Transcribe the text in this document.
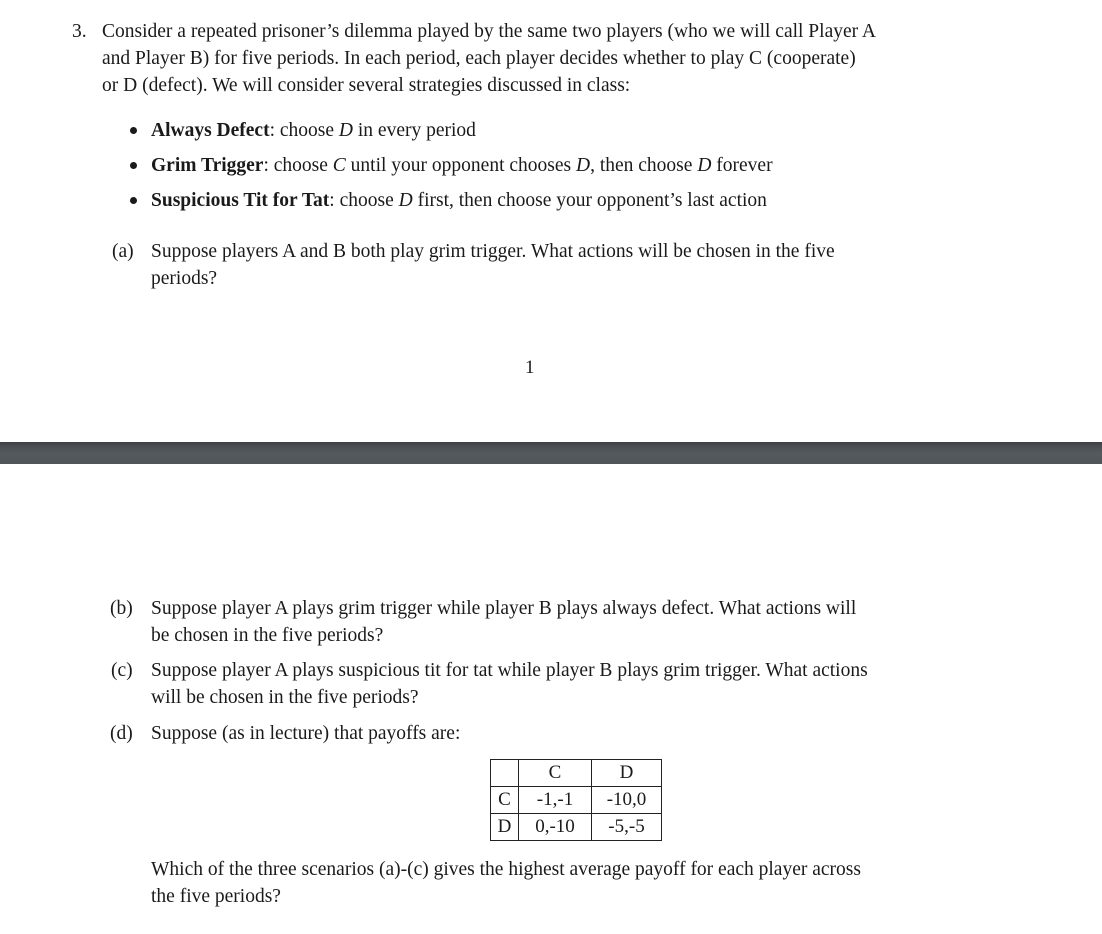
3. Consider a repeated prisoner’s dilemma played by the same two players (who we will call Player A
and Player B) for five periods. In each period, each player decides whether to play C (cooperate)
or D (defect). We will consider several strategies discussed in class:
Always Defect: choose D in every period
Grim Trigger: choose C until your opponent chooses D, then choose D forever
Suspicious Tit for Tat: choose D first, then choose your opponent’s last action
(a) Suppose players A and B both play grim trigger. What actions will be chosen in the five
periods?
1
(b) Suppose player A plays grim trigger while player B plays always defect. What actions will
be chosen in the five periods?
(c) Suppose player A plays suspicious tit for tat while player B plays grim trigger. What actions
will be chosen in the five periods?
(d) Suppose (as in lecture) that payoffs are:
	C	D
C	-1,-1	-10,0
D	0,-10	-5,-5
Which of the three scenarios (a)-(c) gives the highest average payoff for each player across
the five periods?
